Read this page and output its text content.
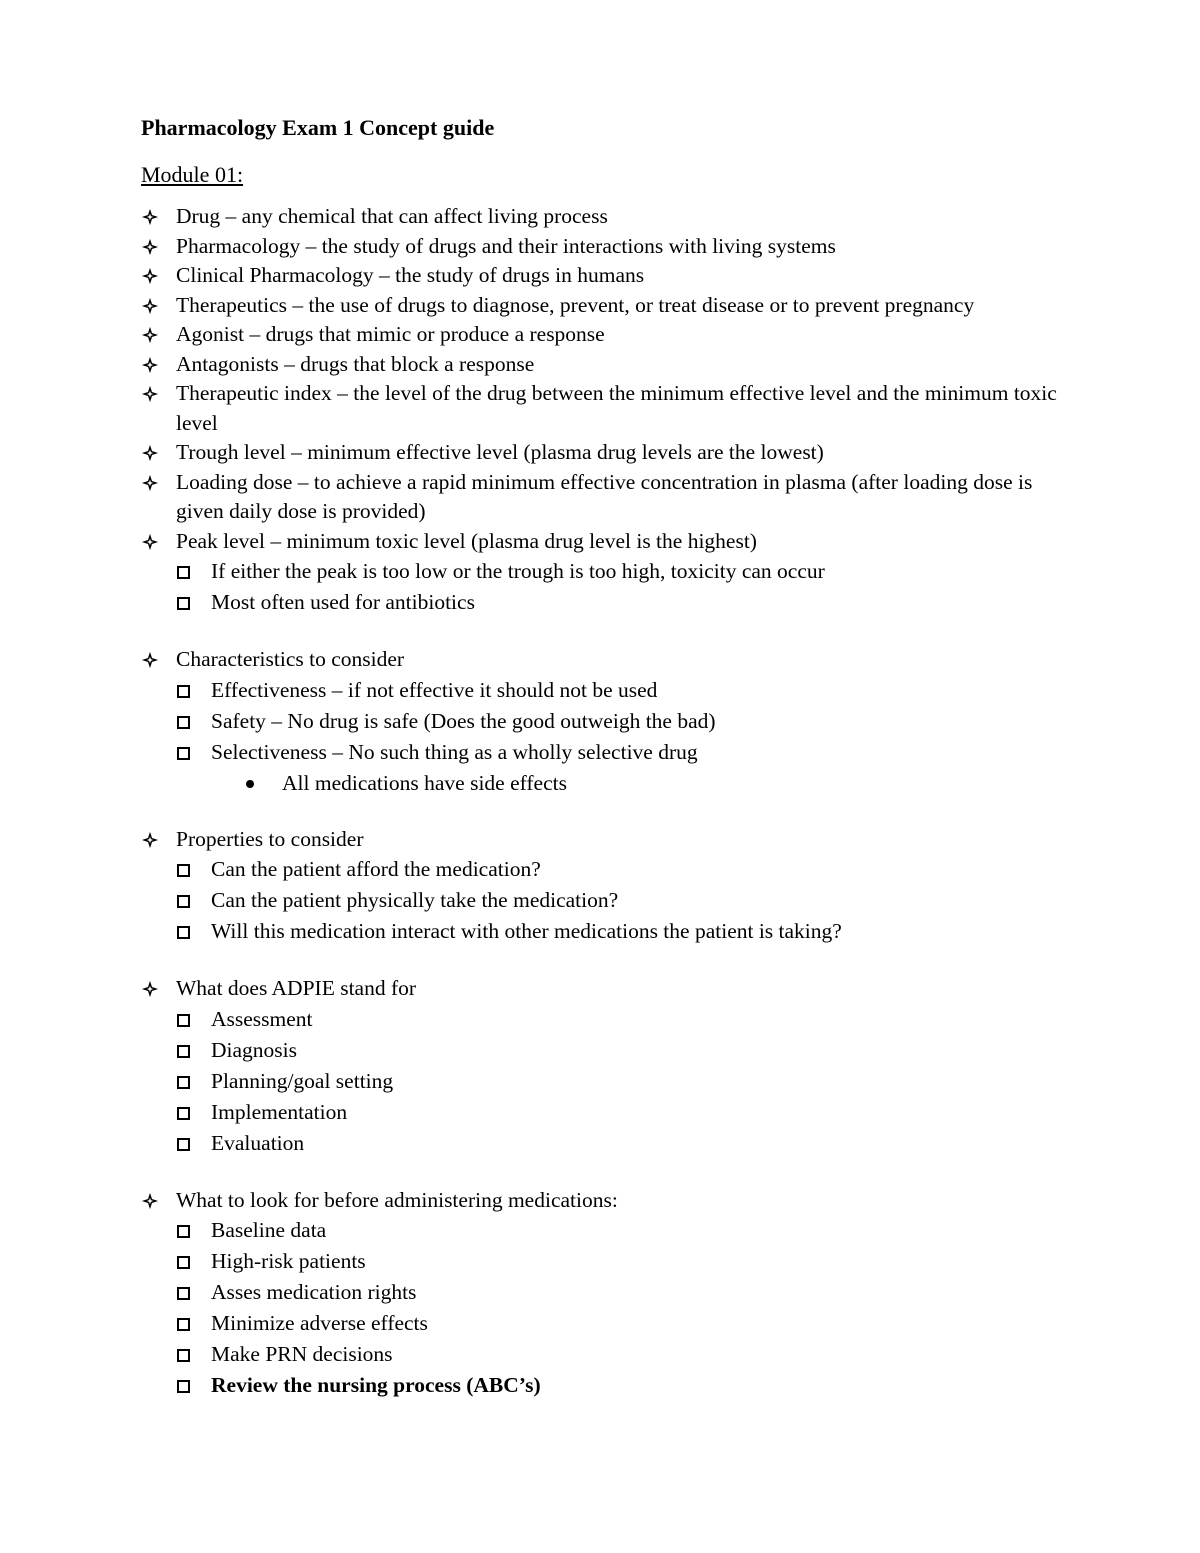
Pharmacology Exam 1 Concept guide

Module 01:

Drug – any chemical that can affect living process
Pharmacology – the study of drugs and their interactions with living systems
Clinical Pharmacology – the study of drugs in humans
Therapeutics – the use of drugs to diagnose, prevent, or treat disease or to prevent pregnancy
Agonist – drugs that mimic or produce a response
Antagonists – drugs that block a response
Therapeutic index – the level of the drug between the minimum effective level and the minimum toxic level
Trough level – minimum effective level (plasma drug levels are the lowest)
Loading dose – to achieve a rapid minimum effective concentration in plasma (after loading dose is given daily dose is provided)
Peak level – minimum toxic level (plasma drug level is the highest)
If either the peak is too low or the trough is too high, toxicity can occur
Most often used for antibiotics
Characteristics to consider
Effectiveness – if not effective it should not be used
Safety – No drug is safe (Does the good outweigh the bad)
Selectiveness – No such thing as a wholly selective drug
All medications have side effects
Properties to consider
Can the patient afford the medication?
Can the patient physically take the medication?
Will this medication interact with other medications the patient is taking?
What does ADPIE stand for
Assessment
Diagnosis
Planning/goal setting
Implementation
Evaluation
What to look for before administering medications:
Baseline data
High-risk patients
Asses medication rights
Minimize adverse effects
Make PRN decisions
Review the nursing process (ABC’s)
